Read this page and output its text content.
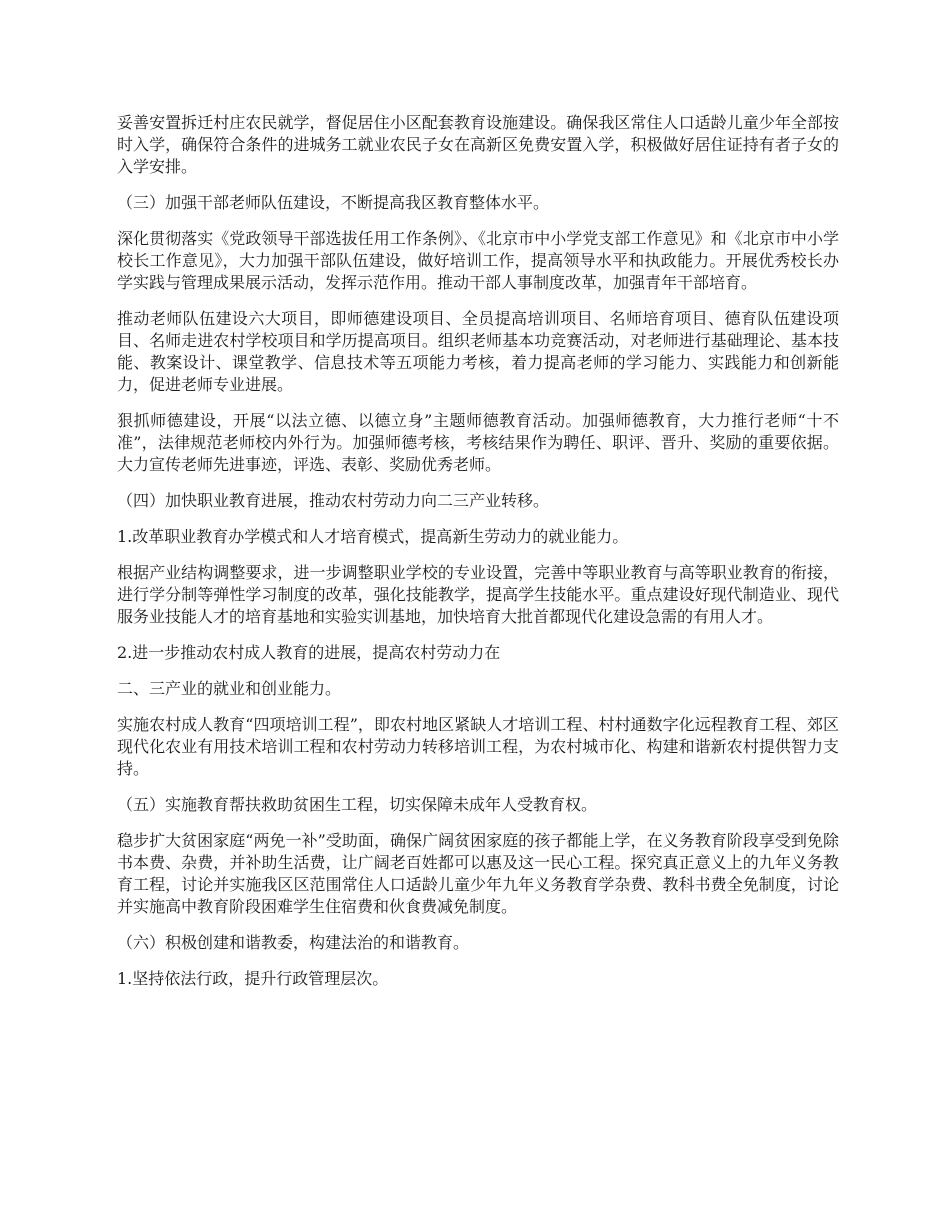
妥善安置拆迁村庄农民就学，督促居住小区配套教育设施建设。确保我区常住人口适龄儿童少年全部按时入学，确保符合条件的进城务工就业农民子女在高新区免费安置入学，积极做好居住证持有者子女的入学安排。

（三）加强干部老师队伍建设，不断提高我区教育整体水平。

深化贯彻落实《党政领导干部选拔任用工作条例》、《北京市中小学党支部工作意见》和《北京市中小学校长工作意见》，大力加强干部队伍建设，做好培训工作，提高领导水平和执政能力。开展优秀校长办学实践与管理成果展示活动，发挥示范作用。推动干部人事制度改革，加强青年干部培育。

推动老师队伍建设六大项目，即师德建设项目、全员提高培训项目、名师培育项目、德育队伍建设项目、名师走进农村学校项目和学历提高项目。组织老师基本功竞赛活动，对老师进行基础理论、基本技能、教案设计、课堂教学、信息技术等五项能力考核，着力提高老师的学习能力、实践能力和创新能力，促进老师专业进展。

狠抓师德建设，开展“以法立德、以德立身”主题师德教育活动。加强师德教育，大力推行老师“十不准”，法律规范老师校内外行为。加强师德考核，考核结果作为聘任、职评、晋升、奖励的重要依据。大力宣传老师先进事迹，评选、表彰、奖励优秀老师。

（四）加快职业教育进展，推动农村劳动力向二三产业转移。

1.改革职业教育办学模式和人才培育模式，提高新生劳动力的就业能力。

根据产业结构调整要求，进一步调整职业学校的专业设置，完善中等职业教育与高等职业教育的衔接，进行学分制等弹性学习制度的改革，强化技能教学，提高学生技能水平。重点建设好现代制造业、现代服务业技能人才的培育基地和实验实训基地，加快培育大批首都现代化建设急需的有用人才。

2.进一步推动农村成人教育的进展，提高农村劳动力在

二、三产业的就业和创业能力。

实施农村成人教育“四项培训工程”，即农村地区紧缺人才培训工程、村村通数字化远程教育工程、郊区现代化农业有用技术培训工程和农村劳动力转移培训工程，为农村城市化、构建和谐新农村提供智力支持。

（五）实施教育帮扶救助贫困生工程，切实保障未成年人受教育权。

稳步扩大贫困家庭“两免一补”受助面，确保广阔贫困家庭的孩子都能上学，在义务教育阶段享受到免除书本费、杂费，并补助生活费，让广阔老百姓都可以惠及这一民心工程。探究真正意义上的九年义务教育工程，讨论并实施我区区范围常住人口适龄儿童少年九年义务教育学杂费、教科书费全免制度，讨论并实施高中教育阶段困难学生住宿费和伙食费减免制度。

（六）积极创建和谐教委，构建法治的和谐教育。

1.坚持依法行政，提升行政管理层次。
